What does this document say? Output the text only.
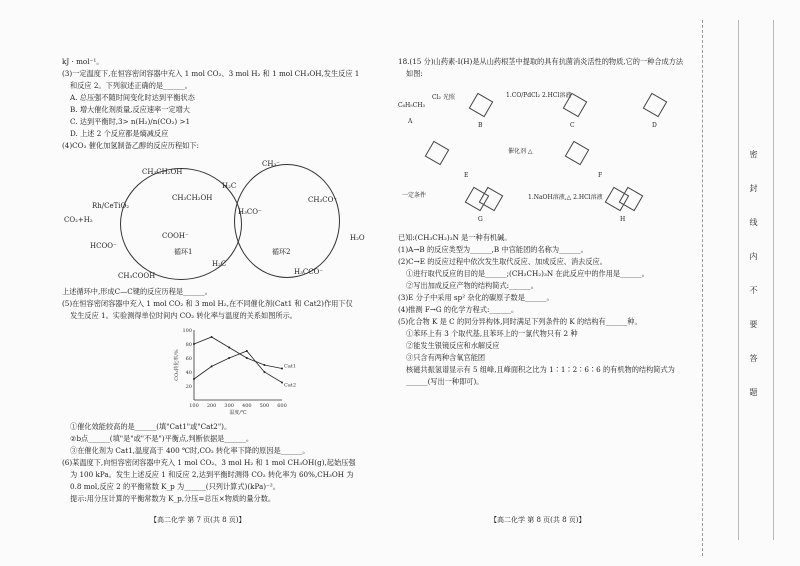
kJ · mol⁻¹。
(3)一定温度下,在恒容密闭容器中充入 1 mol CO₂、3 mol H₂ 和 1 mol CH₃OH,发生反应 1
和反应 2。下列叙述正确的是______。
A. 总压强不随时间变化时达到平衡状态
B. 增大催化剂质量,反应速率一定增大
C. 达到平衡时,3> n(H₂)/n(CO₂) >1
D. 上述 2 个反应都是熵减反应
(4)CO₂ 催化加氢制备乙醇的反应历程如下:
CH₃CH₂OH
CH₃CH₂OH
CO₂+H₂
Rh/CeTiO₂
HCOO⁻
CH₃COOH
COOH⁻
H₂C
CH₃⁻
H₃CO⁻
H₂C
CH₃CO⁻
H₃CCO⁻
H₂O
循环1	循环2
上述循环中,形成C—C键的反应历程是______。
(5)在恒容密闭容器中充入 1 mol CO₂ 和 3 mol H₂,在不同催化剂(Cat1 和 Cat2)作用下仅
发生反应 1。实验测得单位时间内 CO₂ 转化率与温度的关系如图所示。
100 200 300 400 500 600
20
40
60
80
100
温度/℃
CO₂转化率/%	Cat1
Cat2
①催化效能较高的是______(填"Cat1"或"Cat2")。
②b点______(填"是"或"不是")平衡点,判断依据是______。
③在催化剂为 Cat1,温度高于 400 ℃时,CO₂ 转化率下降的原因是______。
(6)某温度下,向恒容密闭容器中充入 1 mol CO₂、3 mol H₂ 和 1 mol CH₃OH(g),起始压强
为 100 kPa。发生上述反应 1 和反应 2,达到平衡时测得 CO₂ 转化率为 60%,CH₃OH 为
0.8 mol,反应 2 的平衡常数 K_p 为______(只列计算式)(kPa)⁻²。
提示:用分压计算的平衡常数为 K_p,分压=总压×物质的量分数。
【高二化学 第 7 页(共 8 页)】
18.(15 分)山药素-Ⅰ(H)是从山药根茎中提取的具有抗菌消炎活性的物质,它的一种合成方法
如图:
C₆H₅CH₃
Cl₂ 光照
A
B
1.CO/PdCl₂ 2.HCl溶液
C	D
E	F
G	H
一定条件
催化剂 △
1.NaOH溶液,△ 2.HCl溶液
已知:(CH₃CH₂)₃N 是一种有机碱。
(1)A→B 的反应类型为______,B 中官能团的名称为______。
(2)C→E 的反应过程中依次发生取代反应、加成反应、消去反应。
①进行取代反应的目的是______;(CH₃CH₂)₃N 在此反应中的作用是______。
②写出加成反应产物的结构简式:______。
(3)E 分子中采用 sp² 杂化的碳原子数是______。
(4)推测 F→G 的化学方程式:______。
(5)化合物 K 是 C 的同分异构体,同时满足下列条件的 K 的结构有______种。
①苯环上有 3 个取代基,且苯环上的一氯代物只有 2 种
②能发生银镜反应和水解反应
③只含有两种含氧官能团
核磁共振氢谱显示有 5 组峰,且峰面积之比为 1∶1∶2∶6∶6 的有机物的结构简式为
______(写出一种即可)。
【高二化学 第 8 页(共 8 页)】
密
封
线
内
不
要
答
题
